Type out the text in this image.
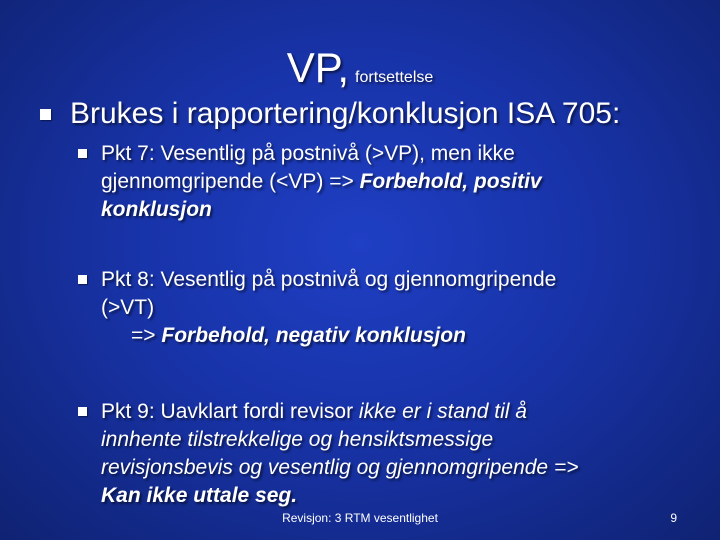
VP, fortsettelse
Brukes i rapportering/konklusjon ISA 705:
Pkt 7: Vesentlig på postnivå (>VP), men ikke
gjennomgripende (<VP) => Forbehold, positiv
konklusjon
Pkt 8: Vesentlig på postnivå og gjennomgripende
(>VT)
=> Forbehold, negativ konklusjon
Pkt 9: Uavklart fordi revisor ikke er i stand til å
innhente tilstrekkelige og hensiktsmessige
revisjonsbevis og vesentlig og gjennomgripende =>
Kan ikke uttale seg.
Revisjon: 3 RTM vesentlighet	9
